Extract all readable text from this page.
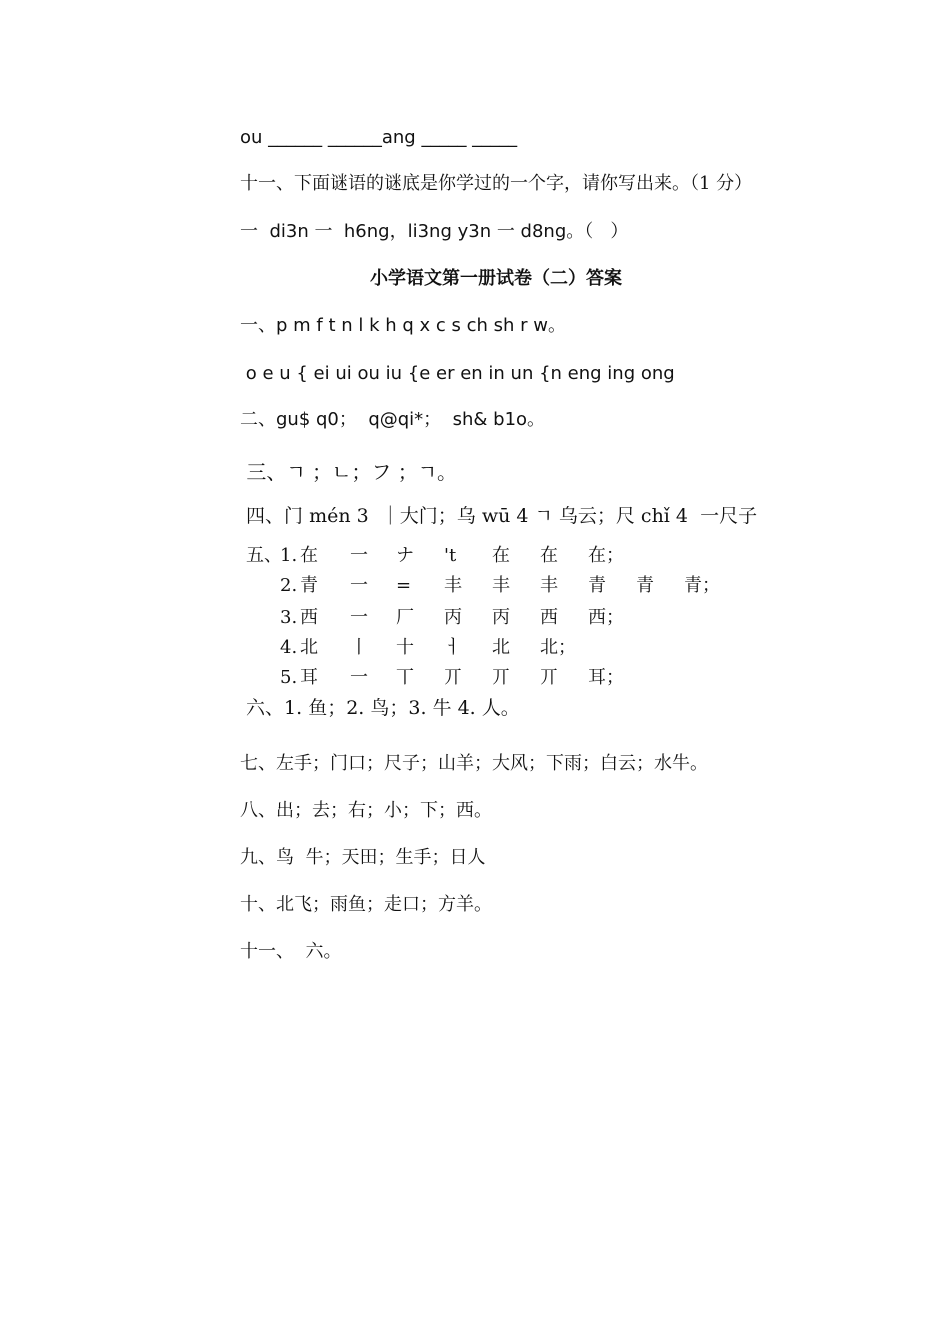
ou ______ ______ang _____ _____
十一、下面谜语的谜底是你学过的一个字，请你写出来。（1 分）
一  di3n 一  h6ng，li3ng y3n 一 d8ng。（   ）
小学语文第一册试卷（二）答案
一、p m f t n l k h q x c s ch sh r w。
o e u { ei ui ou iu {e er en in un {n eng ing ong
二、gu$ q0；  q@qi*；  sh& b1o。
三、ㄱ ；ㄴ；フ ；ㄱ。
四、门 mén 3  ｜大门；乌 wū 4 ㄱ 乌云；尺 chǐ 4  一尺子
五、
1. 在 一 ナ 't 在 在 在；
2. 青 一 = 丰 丰 丰 青 青 青；
3. 西 一 厂 丙 丙 西 西；
4. 北 丨 十 ㅓ 北 北；
5. 耳 一 丅 丌 丌 丌 耳；
六、1. 鱼；2. 鸟；3. 牛 4. 人。
七、左手；门口；尺子；山羊；大风；下雨；白云；水牛。
八、出；去；右；小；下；西。
九、鸟  牛；天田；生手；日人
十、北飞；雨鱼；走口；方羊。
十一、  六。
